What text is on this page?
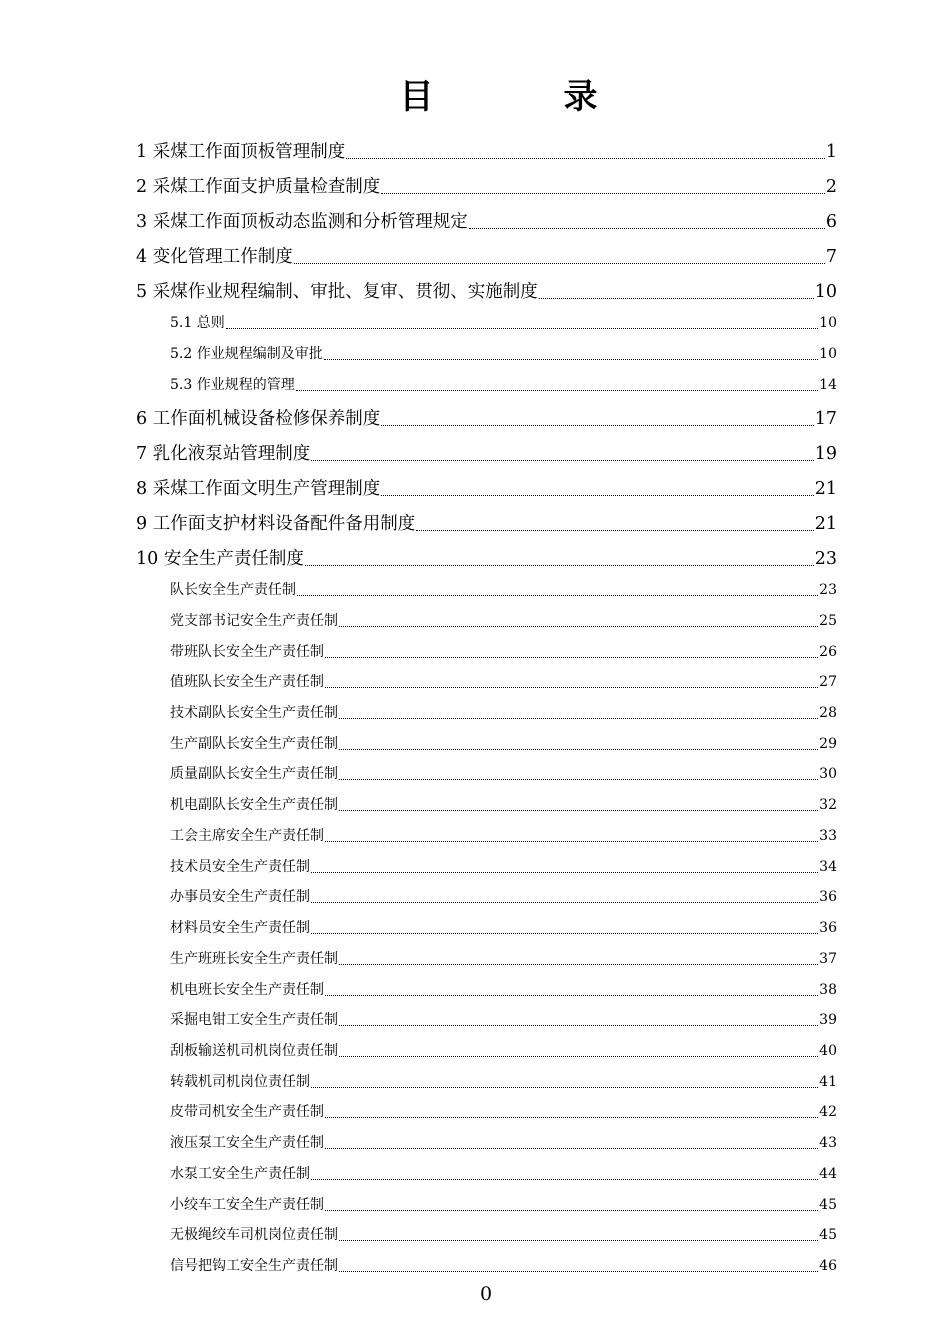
目　录
1 采煤工作面顶板管理制度	1
2 采煤工作面支护质量检查制度	2
3 采煤工作面顶板动态监测和分析管理规定	6
4 变化管理工作制度	7
5 采煤作业规程编制、审批、复审、贯彻、实施制度	10
5.1 总则	10
5.2 作业规程编制及审批	10
5.3 作业规程的管理	14
6 工作面机械设备检修保养制度	17
7 乳化液泵站管理制度	19
8 采煤工作面文明生产管理制度	21
9 工作面支护材料设备配件备用制度	21
10 安全生产责任制度	23
队长安全生产责任制	23
党支部书记安全生产责任制	25
带班队长安全生产责任制	26
值班队长安全生产责任制	27
技术副队长安全生产责任制	28
生产副队长安全生产责任制	29
质量副队长安全生产责任制	30
机电副队长安全生产责任制	32
工会主席安全生产责任制	33
技术员安全生产责任制	34
办事员安全生产责任制	36
材料员安全生产责任制	36
生产班班长安全生产责任制	37
机电班长安全生产责任制	38
采掘电钳工安全生产责任制	39
刮板输送机司机岗位责任制	40
转载机司机岗位责任制	41
皮带司机安全生产责任制	42
液压泵工安全生产责任制	43
水泵工安全生产责任制	44
小绞车工安全生产责任制	45
无极绳绞车司机岗位责任制	45
信号把钩工安全生产责任制	46
0
